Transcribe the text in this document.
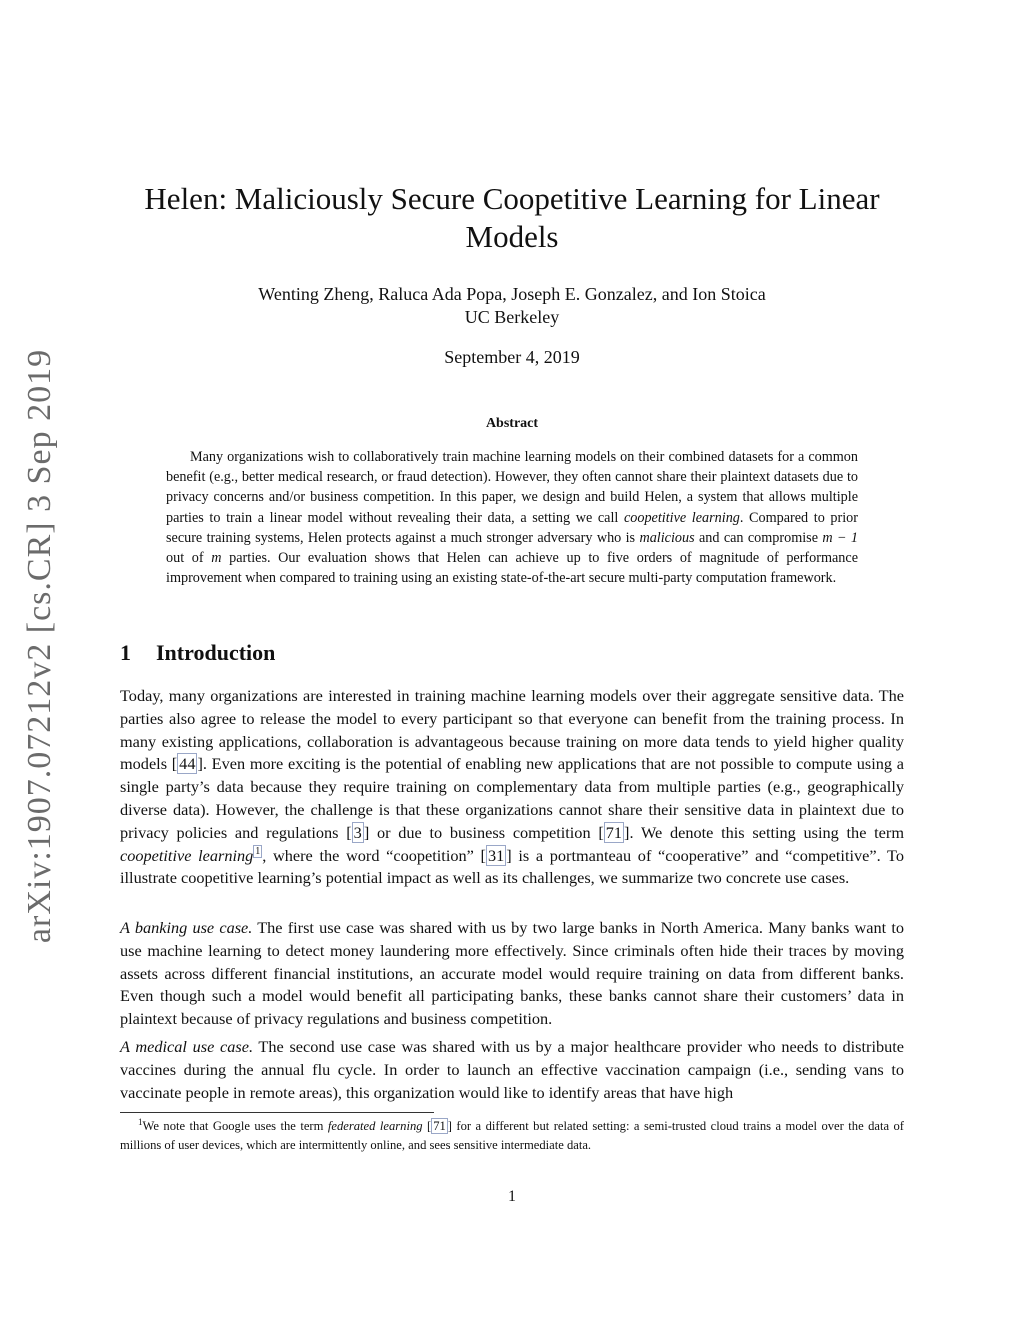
arXiv:1907.07212v2 [cs.CR] 3 Sep 2019
Helen: Maliciously Secure Coopetitive Learning for Linear Models
Wenting Zheng, Raluca Ada Popa, Joseph E. Gonzalez, and Ion Stoica
UC Berkeley
September 4, 2019
Abstract

Many organizations wish to collaboratively train machine learning models on their combined datasets for a common benefit (e.g., better medical research, or fraud detection). However, they often cannot share their plaintext datasets due to privacy concerns and/or business competition. In this paper, we design and build Helen, a system that allows multiple parties to train a linear model without revealing their data, a setting we call coopetitive learning. Compared to prior secure training systems, Helen protects against a much stronger adversary who is malicious and can compromise m − 1 out of m parties. Our evaluation shows that Helen can achieve up to five orders of magnitude of performance improvement when compared to training using an existing state-of-the-art secure multi-party computation framework.

1 Introduction

Today, many organizations are interested in training machine learning models over their aggregate sensitive data. The parties also agree to release the model to every participant so that everyone can benefit from the training process. In many existing applications, collaboration is advantageous because training on more data tends to yield higher quality models [ 44 ]. Even more exciting is the potential of enabling new applications that are not possible to compute using a single party’s data because they require training on complementary data from multiple parties (e.g., geographically diverse data). However, the challenge is that these organizations cannot share their sensitive data in plaintext due to privacy policies and regulations [ 3 ] or due to business competition [ 71 ]. We denote this setting using the term coopetitive learning $^1$ , where the word “coopetition” [ 31 ] is a portmanteau of “cooperative” and “competitive”. To illustrate coopetitive learning’s potential impact as well as its challenges, we summarize two concrete use cases.

A banking use case. The first use case was shared with us by two large banks in North America. Many banks want to use machine learning to detect money laundering more effectively. Since criminals often hide their traces by moving assets across different financial institutions, an accurate model would require training on data from different banks. Even though such a model would benefit all participating banks, these banks cannot share their customers’ data in plaintext because of privacy regulations and business competition.

A medical use case. The second use case was shared with us by a major healthcare provider who needs to distribute vaccines during the annual flu cycle. In order to launch an effective vaccination campaign (i.e., sending vans to vaccinate people in remote areas), this organization would like to identify areas that have high

$^1$We note that Google uses the term federated learning [ 71 ] for a different but related setting: a semi-trusted cloud trains a model over the data of millions of user devices, which are intermittently online, and sees sensitive intermediate data.

1
